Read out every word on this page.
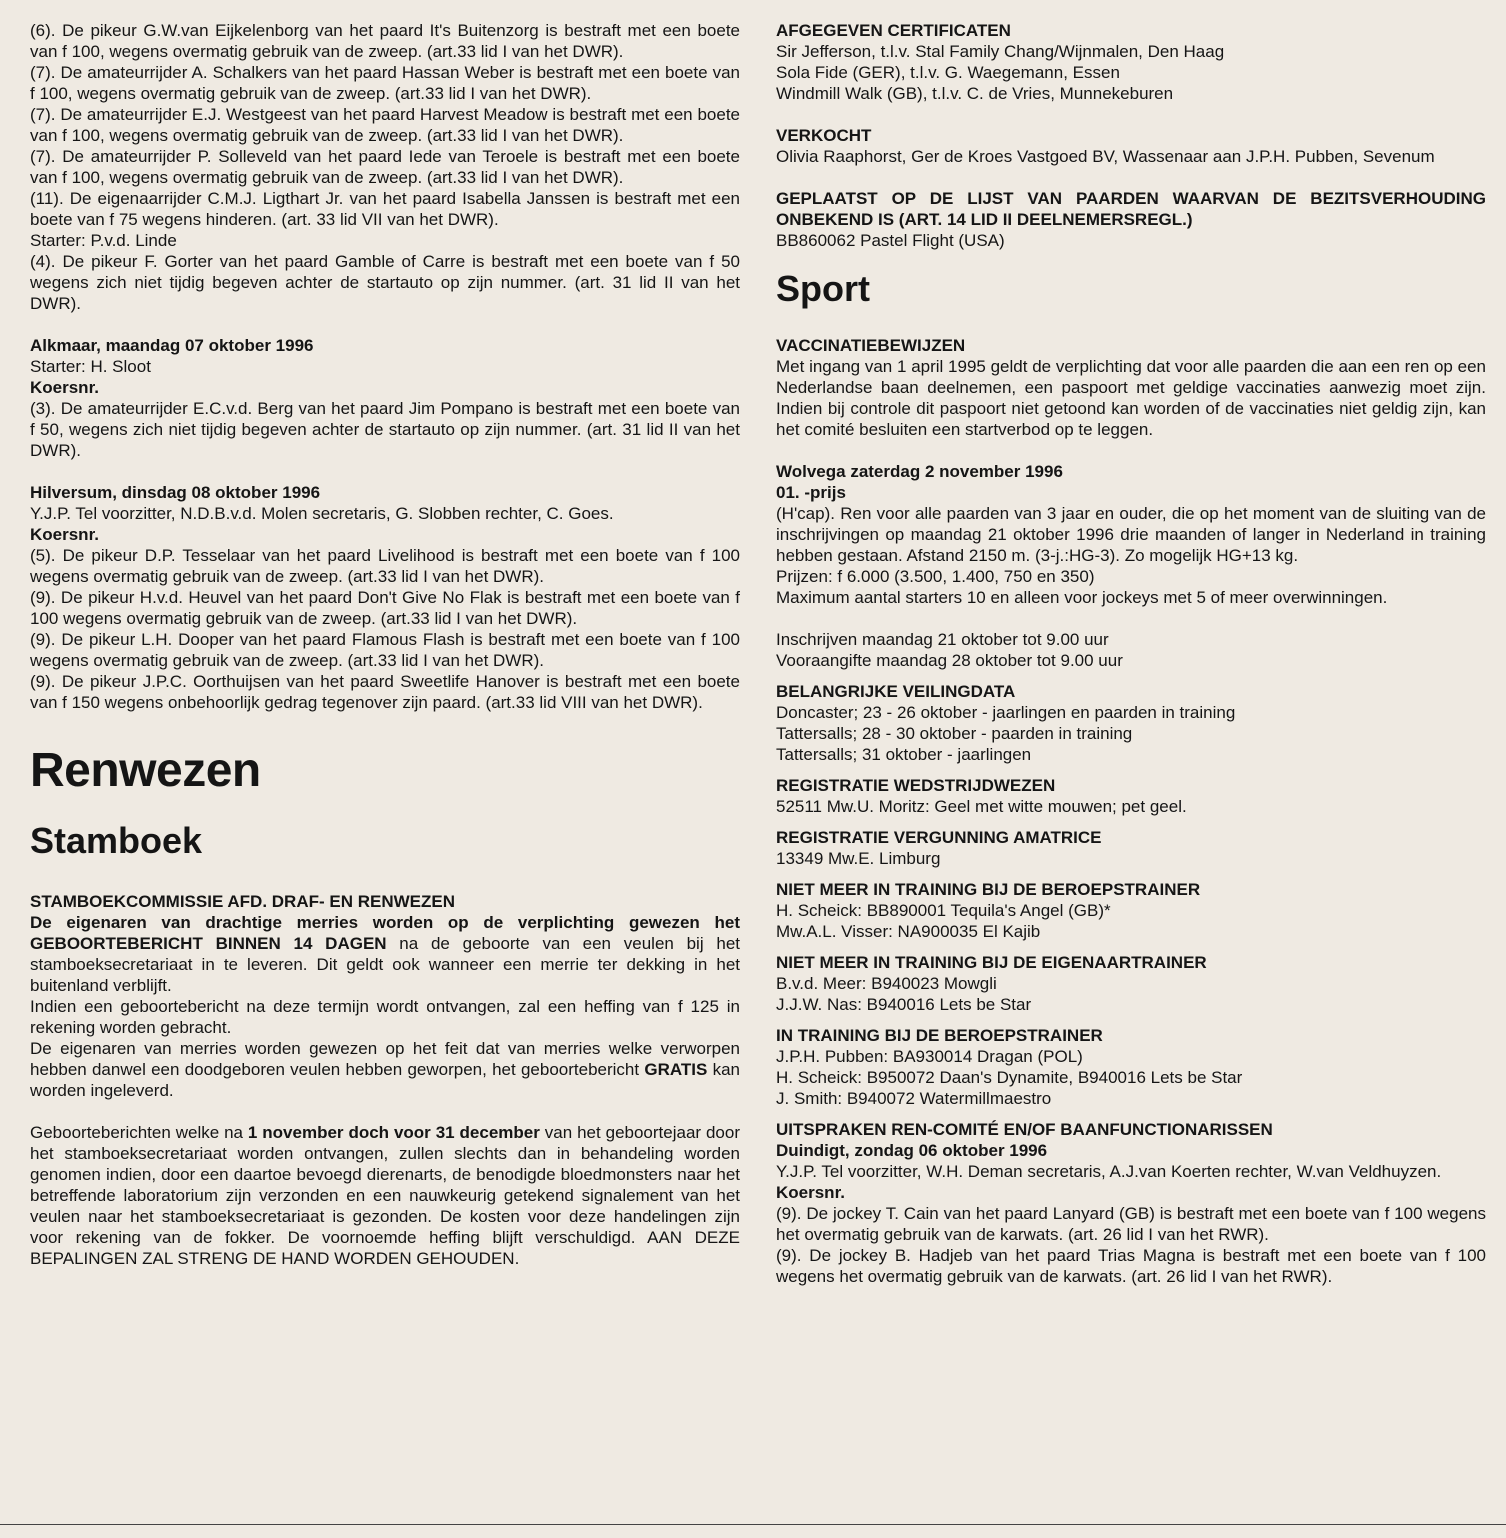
(6). De pikeur G.W.van Eijkelenborg van het paard It's Buitenzorg is bestraft met een boete van f 100, wegens overmatig gebruik van de zweep. (art.33 lid I van het DWR).

(7). De amateurrijder A. Schalkers van het paard Hassan Weber is bestraft met een boete van f 100, wegens overmatig gebruik van de zweep. (art.33 lid I van het DWR).

(7). De amateurrijder E.J. Westgeest van het paard Harvest Meadow is bestraft met een boete van f 100, wegens overmatig gebruik van de zweep. (art.33 lid I van het DWR).

(7). De amateurrijder P. Solleveld van het paard Iede van Teroele is bestraft met een boete van f 100, wegens overmatig gebruik van de zweep. (art.33 lid I van het DWR).

(11). De eigenaarrijder C.M.J. Ligthart Jr. van het paard Isabella Janssen is bestraft met een boete van f 75 wegens hinderen. (art. 33 lid VII van het DWR).

Starter: P.v.d. Linde

(4). De pikeur F. Gorter van het paard Gamble of Carre is bestraft met een boete van f 50 wegens zich niet tijdig begeven achter de startauto op zijn nummer. (art. 31 lid II van het DWR).

Alkmaar, maandag 07 oktober 1996

Starter: H. Sloot

Koersnr.

(3). De amateurrijder E.C.v.d. Berg van het paard Jim Pompano is bestraft met een boete van f 50, wegens zich niet tijdig begeven achter de startauto op zijn nummer. (art. 31 lid II van het DWR).

Hilversum, dinsdag 08 oktober 1996

Y.J.P. Tel voorzitter, N.D.B.v.d. Molen secretaris, G. Slobben rechter, C. Goes.

Koersnr.

(5). De pikeur D.P. Tesselaar van het paard Livelihood is bestraft met een boete van f 100 wegens overmatig gebruik van de zweep. (art.33 lid I van het DWR).

(9). De pikeur H.v.d. Heuvel van het paard Don't Give No Flak is bestraft met een boete van f 100 wegens overmatig gebruik van de zweep. (art.33 lid I van het DWR).

(9). De pikeur L.H. Dooper van het paard Flamous Flash is bestraft met een boete van f 100 wegens overmatig gebruik van de zweep. (art.33 lid I van het DWR).

(9). De pikeur J.P.C. Oorthuijsen van het paard Sweetlife Hanover is bestraft met een boete van f 150 wegens onbehoorlijk gedrag tegenover zijn paard. (art.33 lid VIII van het DWR).

Renwezen
Stamboek

STAMBOEKCOMMISSIE AFD. DRAF- EN RENWEZEN

De eigenaren van drachtige merries worden op de verplichting gewezen het GEBOORTEBERICHT BINNEN 14 DAGEN na de geboorte van een veulen bij het stamboeksecretariaat in te leveren. Dit geldt ook wanneer een merrie ter dekking in het buitenland verblijft.

Indien een geboortebericht na deze termijn wordt ontvangen, zal een heffing van f 125 in rekening worden gebracht.

De eigenaren van merries worden gewezen op het feit dat van merries welke verworpen hebben danwel een doodgeboren veulen hebben geworpen, het geboortebericht GRATIS kan worden ingeleverd.

Geboorteberichten welke na 1 november doch voor 31 december van het geboortejaar door het stamboeksecretariaat worden ontvangen, zullen slechts dan in behandeling worden genomen indien, door een daartoe bevoegd dierenarts, de benodigde bloedmonsters naar het betreffende laboratorium zijn verzonden en een nauwkeurig getekend signalement van het veulen naar het stamboeksecretariaat is gezonden. De kosten voor deze handelingen zijn voor rekening van de fokker. De voornoemde heffing blijft verschuldigd. AAN DEZE BEPALINGEN ZAL STRENG DE HAND WORDEN GEHOUDEN.

AFGEGEVEN CERTIFICATEN

Sir Jefferson, t.l.v. Stal Family Chang/Wijnmalen, Den Haag

Sola Fide (GER), t.l.v. G. Waegemann, Essen

Windmill Walk (GB), t.l.v. C. de Vries, Munnekeburen

VERKOCHT

Olivia Raaphorst, Ger de Kroes Vastgoed BV, Wassenaar aan J.P.H. Pubben, Sevenum

GEPLAATST OP DE LIJST VAN PAARDEN WAARVAN DE BEZITSVERHOUDING ONBEKEND IS (ART. 14 LID II DEELNEMERSREGL.)

BB860062 Pastel Flight (USA)

Sport

VACCINATIEBEWIJZEN

Met ingang van 1 april 1995 geldt de verplichting dat voor alle paarden die aan een ren op een Nederlandse baan deelnemen, een paspoort met geldige vaccinaties aanwezig moet zijn. Indien bij controle dit paspoort niet getoond kan worden of de vaccinaties niet geldig zijn, kan het comité besluiten een startverbod op te leggen.

Wolvega zaterdag 2 november 1996

01. -prijs

(H'cap). Ren voor alle paarden van 3 jaar en ouder, die op het moment van de sluiting van de inschrijvingen op maandag 21 oktober 1996 drie maanden of langer in Nederland in training hebben gestaan. Afstand 2150 m. (3-j.:HG-3). Zo mogelijk HG+13 kg.

Prijzen: f 6.000 (3.500, 1.400, 750 en 350)

Maximum aantal starters 10 en alleen voor jockeys met 5 of meer overwinningen.

Inschrijven maandag 21 oktober tot 9.00 uur

Vooraangifte maandag 28 oktober tot 9.00 uur

BELANGRIJKE VEILINGDATA

Doncaster; 23 - 26 oktober - jaarlingen en paarden in training

Tattersalls; 28 - 30 oktober - paarden in training

Tattersalls; 31 oktober - jaarlingen

REGISTRATIE WEDSTRIJDWEZEN

52511 Mw.U. Moritz: Geel met witte mouwen; pet geel.

REGISTRATIE VERGUNNING AMATRICE

13349 Mw.E. Limburg

NIET MEER IN TRAINING BIJ DE BEROEPSTRAINER

H. Scheick: BB890001 Tequila's Angel (GB)*

Mw.A.L. Visser: NA900035 El Kajib

NIET MEER IN TRAINING BIJ DE EIGENAARTRAINER

B.v.d. Meer: B940023 Mowgli

J.J.W. Nas: B940016 Lets be Star

IN TRAINING BIJ DE BEROEPSTRAINER

J.P.H. Pubben: BA930014 Dragan (POL)

H. Scheick: B950072 Daan's Dynamite, B940016 Lets be Star

J. Smith: B940072 Watermillmaestro

UITSPRAKEN REN-COMITÉ EN/OF BAANFUNCTIONARISSEN

Duindigt, zondag 06 oktober 1996

Y.J.P. Tel voorzitter, W.H. Deman secretaris, A.J.van Koerten rechter, W.van Veldhuyzen.

Koersnr.

(9). De jockey T. Cain van het paard Lanyard (GB) is bestraft met een boete van f 100 wegens het overmatig gebruik van de karwats. (art. 26 lid I van het RWR).

(9). De jockey B. Hadjeb van het paard Trias Magna is bestraft met een boete van f 100 wegens het overmatig gebruik van de karwats. (art. 26 lid I van het RWR).
